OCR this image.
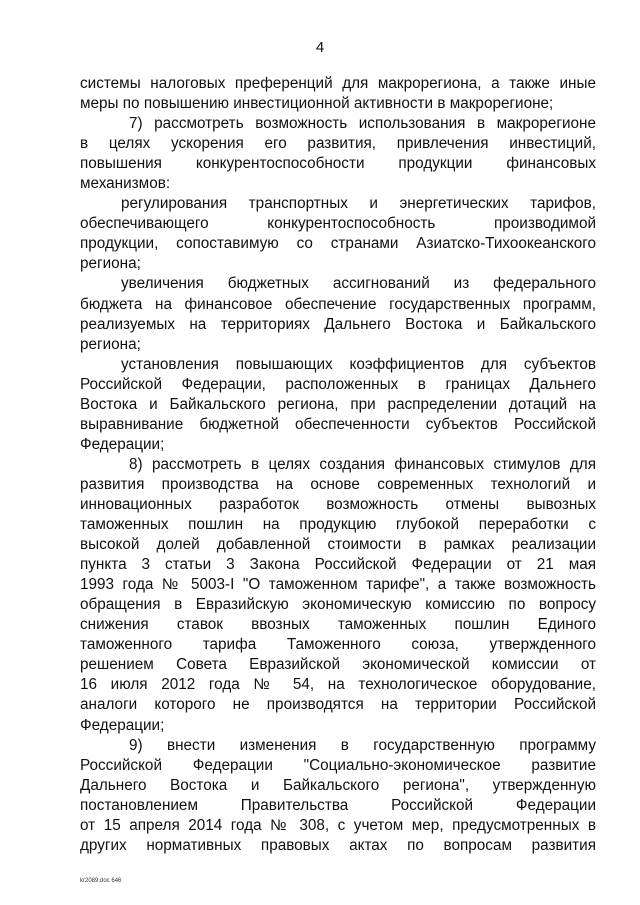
4
системы налоговых преференций для макрорегиона, а также иные
меры по повышению инвестиционной активности в макрорегионе;
7) рассмотреть возможность использования в макрорегионе
в целях ускорения его развития, привлечения инвестиций,
повышения конкурентоспособности продукции финансовых
механизмов:
регулирования транспортных и энергетических тарифов,
обеспечивающего конкурентоспособность производимой
продукции, сопоставимую со странами Азиатско-Тихоокеанского
региона;
увеличения бюджетных ассигнований из федерального
бюджета на финансовое обеспечение государственных программ,
реализуемых на территориях Дальнего Востока и Байкальского
региона;
установления повышающих коэффициентов для субъектов
Российской Федерации, расположенных в границах Дальнего
Востока и Байкальского региона, при распределении дотаций на
выравнивание бюджетной обеспеченности субъектов Российской
Федерации;
8) рассмотреть в целях создания финансовых стимулов для
развития производства на основе современных технологий и
инновационных разработок возможность отмены вывозных
таможенных пошлин на продукцию глубокой переработки с
высокой долей добавленной стоимости в рамках реализации
пункта 3 статьи 3 Закона Российской Федерации от 21 мая
1993 года № 5003-I "О таможенном тарифе", а также возможность
обращения в Евразийскую экономическую комиссию по вопросу
снижения ставок ввозных таможенных пошлин Единого
таможенного тарифа Таможенного союза, утвержденного
решением Совета Евразийской экономической комиссии от
16 июля 2012 года № 54, на технологическое оборудование,
аналоги которого не производятся на территории Российской
Федерации;
9) внести изменения в государственную программу
Российской Федерации "Социально-экономическое развитие
Дальнего Востока и Байкальского региона", утвержденную
постановлением Правительства Российской Федерации
от 15 апреля 2014 года № 308, с учетом мер, предусмотренных в
других нормативных правовых актах по вопросам развития
kr2089.doc 646
